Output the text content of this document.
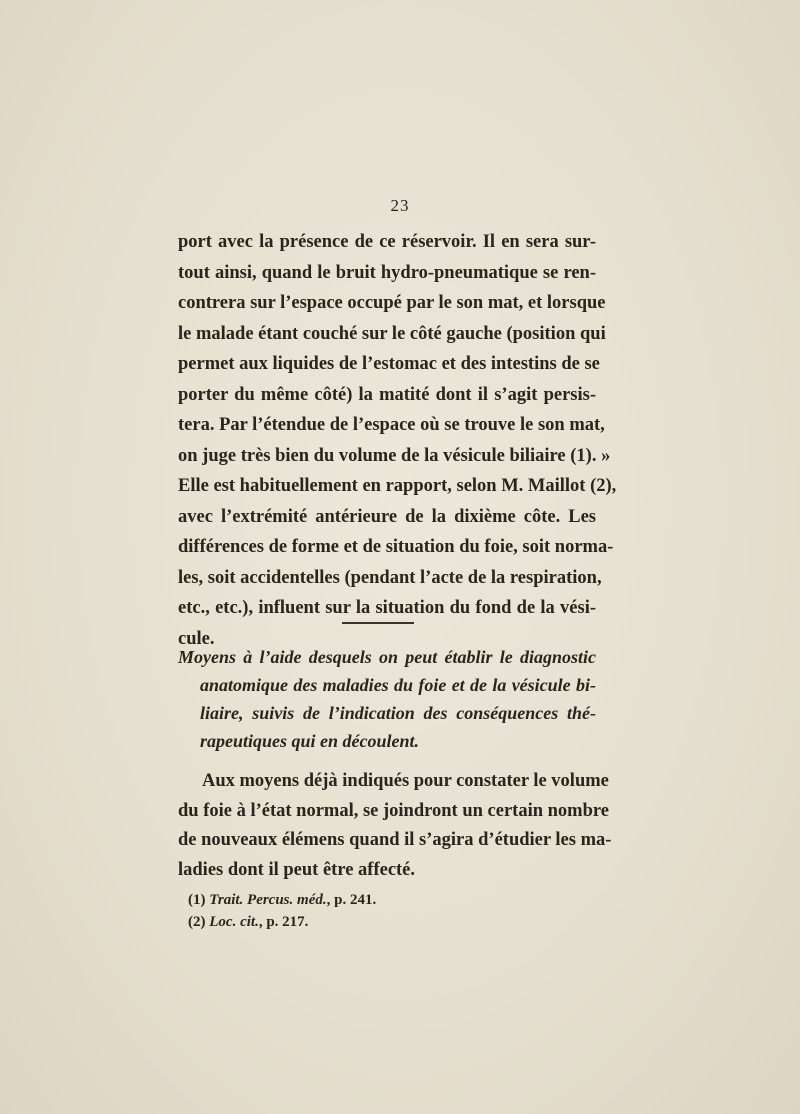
23
port avec la présence de ce réservoir. Il en sera sur-
tout ainsi, quand le bruit hydro-pneumatique se ren-
contrera sur l’espace occupé par le son mat, et lorsque
le malade étant couché sur le côté gauche (position qui
permet aux liquides de l’estomac et des intestins de se
porter du même côté) la matité dont il s’agit persis-
tera. Par l’étendue de l’espace où se trouve le son mat,
on juge très bien du volume de la vésicule biliaire (1). »
Elle est habituellement en rapport, selon M. Maillot (2),
avec l’extrémité antérieure de la dixième côte. Les
différences de forme et de situation du foie, soit norma-
les, soit accidentelles (pendant l’acte de la respiration,
etc., etc.), influent sur la situation du fond de la vési-
cule.
Moyens à l’aide desquels on peut établir le diagnostic
anatomique des maladies du foie et de la vésicule bi-
liaire, suivis de l’indication des conséquences thé-
rapeutiques qui en découlent.
Aux moyens déjà indiqués pour constater le volume
du foie à l’état normal, se joindront un certain nombre
de nouveaux élémens quand il s’agira d’étudier les ma-
ladies dont il peut être affecté.
(1) Trait. Percus. méd., p. 241.
(2) Loc. cit., p. 217.
